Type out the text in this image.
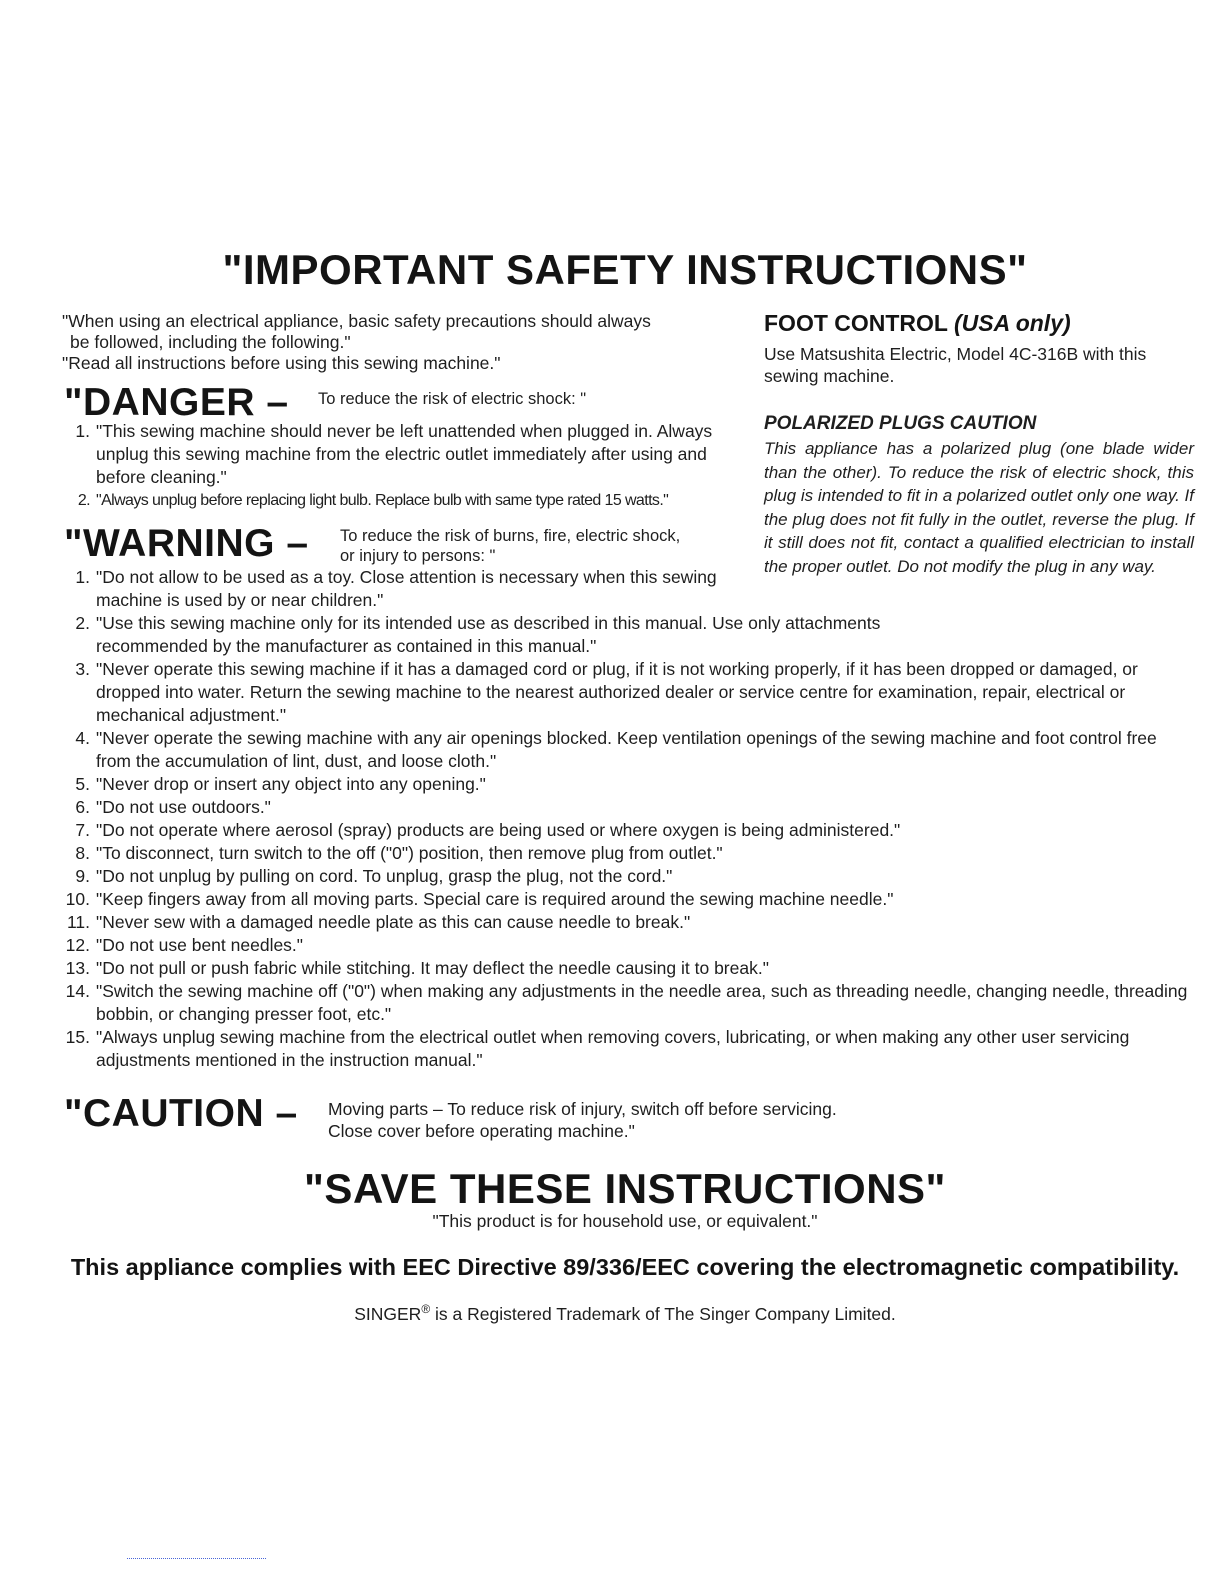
"IMPORTANT SAFETY INSTRUCTIONS"

"When using an electrical appliance, basic safety precautions should always

be followed, including the following."

"Read all instructions before using this sewing machine."

"DANGER – To reduce the risk of electric shock: "
1. "This sewing machine should never be left unattended when plugged in. Always unplug this sewing machine from the electric outlet immediately after using and before cleaning."
2. "Always unplug before replacing light bulb. Replace bulb with same type rated 15 watts."
"WARNING – To reduce the risk of burns, fire, electric shock,
or injury to persons: "
1. "Do not allow to be used as a toy. Close attention is necessary when this sewing machine is used by or near children."
2. "Use this sewing machine only for its intended use as described in this manual. Use only attachments recommended by the manufacturer as contained in this manual."
3. "Never operate this sewing machine if it has a damaged cord or plug, if it is not working properly, if it has been dropped or damaged, or dropped into water. Return the sewing machine to the nearest authorized dealer or service centre for examination, repair, electrical or mechanical adjustment."
4. "Never operate the sewing machine with any air openings blocked. Keep ventilation openings of the sewing machine and foot control free from the accumulation of lint, dust, and loose cloth."
5. "Never drop or insert any object into any opening."
6. "Do not use outdoors."
7. "Do not operate where aerosol (spray) products are being used or where oxygen is being administered."
8. "To disconnect, turn switch to the off ("0") position, then remove plug from outlet."
9. "Do not unplug by pulling on cord. To unplug, grasp the plug, not the cord."
10. "Keep fingers away from all moving parts. Special care is required around the sewing machine needle."
11. "Never sew with a damaged needle plate as this can cause needle to break."
12. "Do not use bent needles."
13. "Do not pull or push fabric while stitching. It may deflect the needle causing it to break."
14. "Switch the sewing machine off ("0") when making any adjustments in the needle area, such as threading needle, changing needle, threading bobbin, or changing presser foot, etc."
15. "Always unplug sewing machine from the electrical outlet when removing covers, lubricating, or when making any other user servicing adjustments mentioned in the instruction manual."
FOOT CONTROL (USA only)
Use Matsushita Electric, Model 4C-316B with this sewing machine.
POLARIZED PLUGS CAUTION
This appliance has a polarized plug (one blade wider than the other). To reduce the risk of electric shock, this plug is intended to fit in a polarized outlet only one way. If the plug does not fit fully in the outlet, reverse the plug. If it still does not fit, contact a qualified electrician to install the proper outlet. Do not modify the plug in any way.
"CAUTION – Moving parts – To reduce risk of injury, switch off before servicing.
Close cover before operating machine."
"SAVE THESE INSTRUCTIONS"
"This product is for household use, or equivalent."
This appliance complies with EEC Directive 89/336/EEC covering the electromagnetic compatibility.
SINGER® is a Registered Trademark of The Singer Company Limited.
